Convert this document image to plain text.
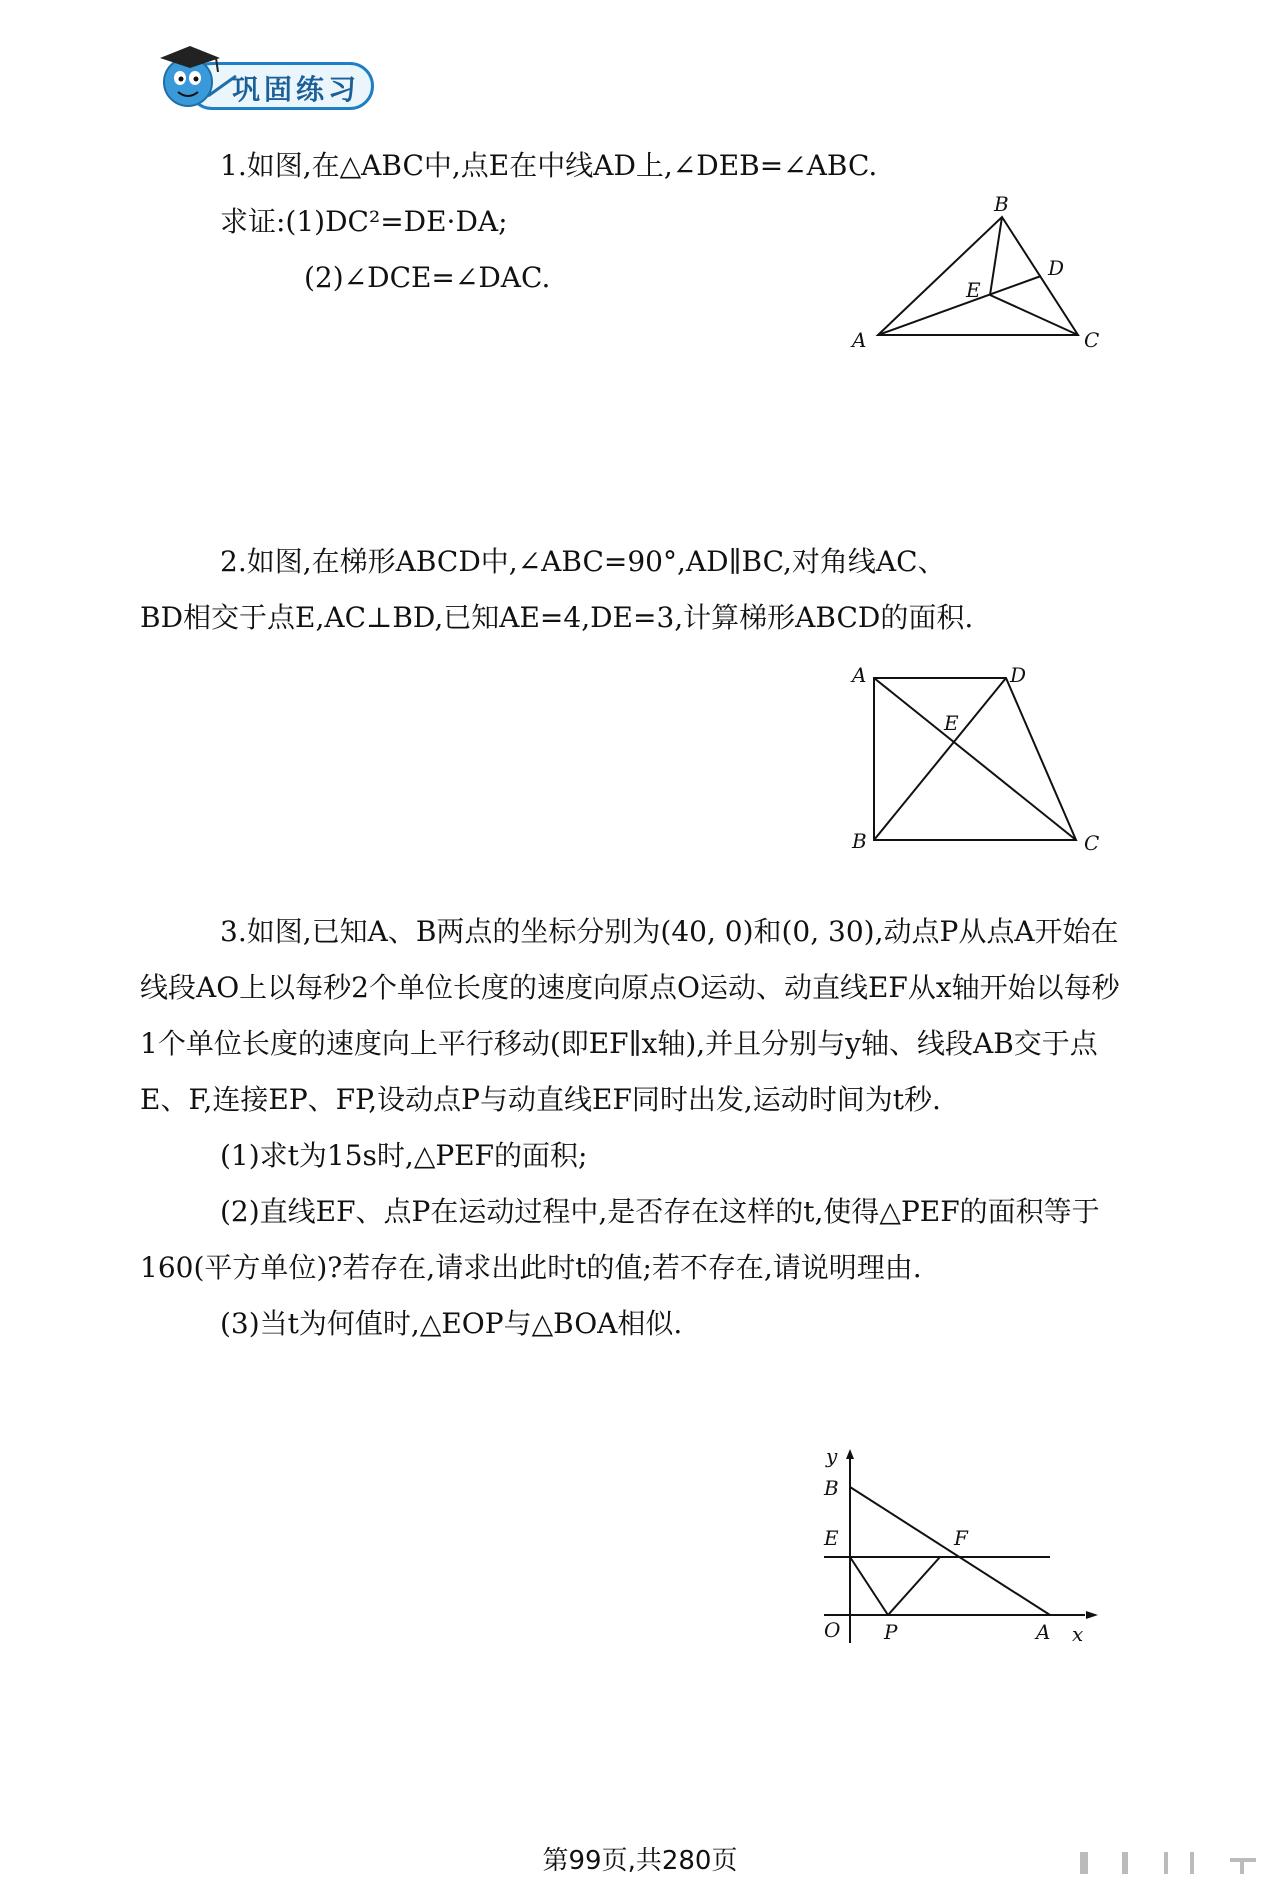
巩固练习

1.如图,在△ABC中,点E在中线AD上,∠DEB=∠ABC.

求证:(1)DC²=DE·DA;

(2)∠DCE=∠DAC.

B
D
E
A	C

2.如图,在梯形ABCD中,∠ABC=90°,AD∥BC,对角线AC、

BD相交于点E,AC⊥BD,已知AE=4,DE=3,计算梯形ABCD的面积.

A	D
E
B	C

3.如图,已知A、B两点的坐标分别为(40, 0)和(0, 30),动点P从点A开始在线段AO上以每秒2个单位长度的速度向原点O运动、动直线EF从x轴开始以每秒1个单位长度的速度向上平行移动(即EF∥x轴),并且分别与y轴、线段AB交于点E、F,连接EP、FP,设动点P与动直线EF同时出发,运动时间为t秒.

(1)求t为15s时,△PEF的面积;

(2)直线EF、点P在运动过程中,是否存在这样的t,使得△PEF的面积等于160(平方单位)?若存在,请求出此时t的值;若不存在,请说明理由.

(3)当t为何值时,△EOP与△BOA相似.

y
B
E	F
O P	A x
第99页,共280页
